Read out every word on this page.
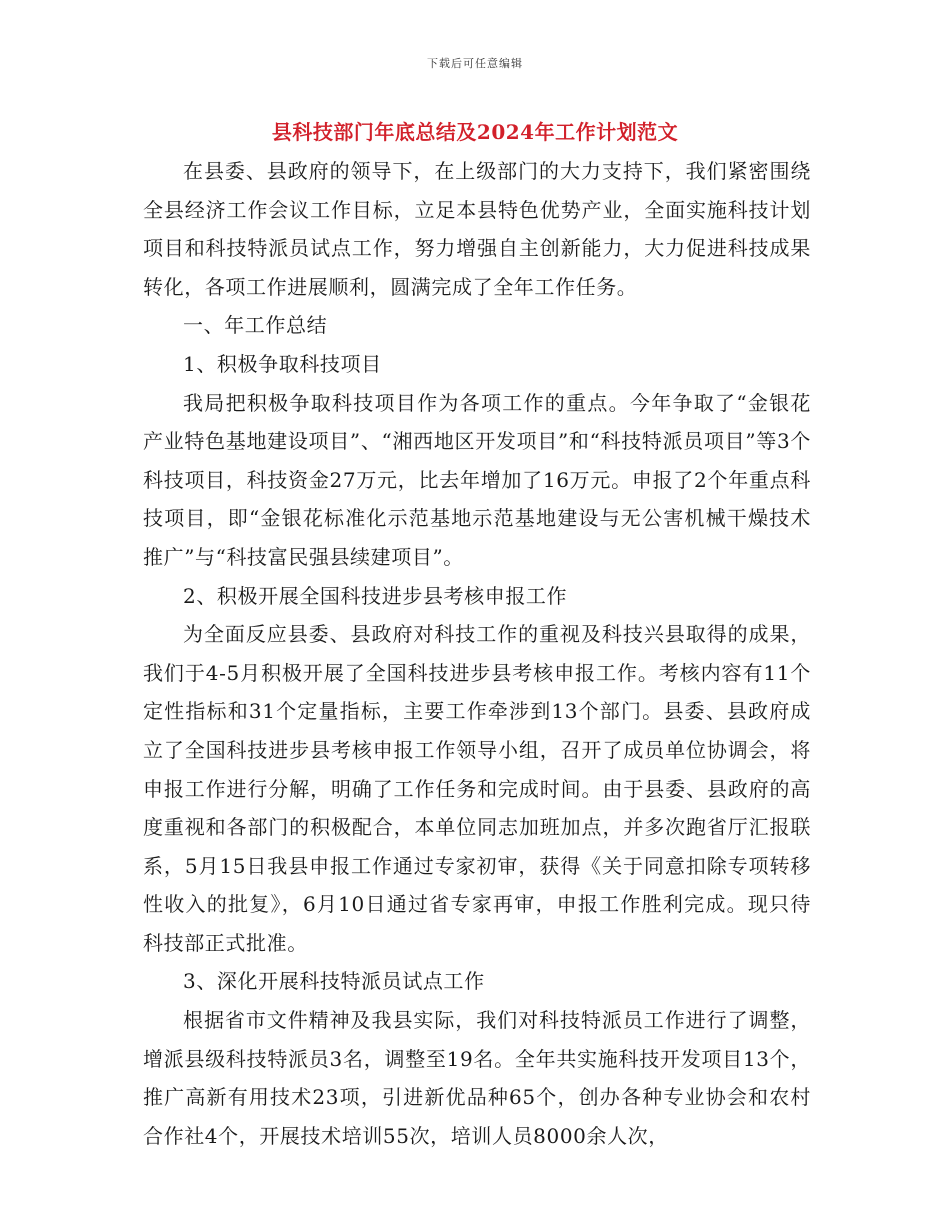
下载后可任意编辑
县科技部门年底总结及2024年工作计划范文

在县委、县政府的领导下，在上级部门的大力支持下，我们紧密围绕全县经济工作会议工作目标，立足本县特色优势产业，全面实施科技计划项目和科技特派员试点工作，努力增强自主创新能力，大力促进科技成果转化，各项工作进展顺利，圆满完成了全年工作任务。

一、年工作总结

1、积极争取科技项目

我局把积极争取科技项目作为各项工作的重点。今年争取了“金银花产业特色基地建设项目”、“湘西地区开发项目”和“科技特派员项目”等3个科技项目，科技资金27万元，比去年增加了16万元。申报了2个年重点科技项目，即“金银花标准化示范基地示范基地建设与无公害机械干燥技术推广”与“科技富民强县续建项目”。

2、积极开展全国科技进步县考核申报工作

为全面反应县委、县政府对科技工作的重视及科技兴县取得的成果，我们于4-5月积极开展了全国科技进步县考核申报工作。考核内容有11个定性指标和31个定量指标，主要工作牵涉到13个部门。县委、县政府成立了全国科技进步县考核申报工作领导小组，召开了成员单位协调会，将申报工作进行分解，明确了工作任务和完成时间。由于县委、县政府的高度重视和各部门的积极配合，本单位同志加班加点，并多次跑省厅汇报联系，5月15日我县申报工作通过专家初审，获得《关于同意扣除专项转移性收入的批复》，6月10日通过省专家再审，申报工作胜利完成。现只待科技部正式批准。

3、深化开展科技特派员试点工作

根据省市文件精神及我县实际，我们对科技特派员工作进行了调整，增派县级科技特派员3名，调整至19名。全年共实施科技开发项目13个，推广高新有用技术23项，引进新优品种65个，创办各种专业协会和农村合作社4个，开展技术培训55次，培训人员8000余人次，
